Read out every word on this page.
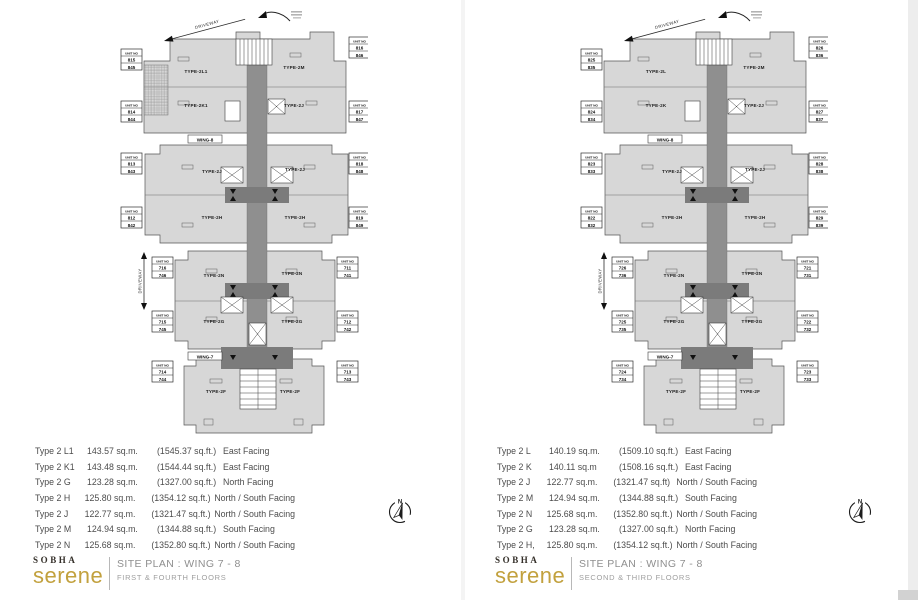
TYPE-2L1
TYPE-2M
TYPE-2K1	TYPE-2J
TYPE-2J	TYPE-2J
TYPE-2H	TYPE-2H
TYPE-2N	TYPE-2N
TYPE-2G	TYPE-2G
TYPE-2F	TYPE-2F
WING-8
WING-7
UNIT NO
815
845
UNIT NO
814
844
UNIT NO
813
843
UNIT NO
812
842
UNIT NO
716
746
UNIT NO
715
745
UNIT NO
714
744
UNIT NO
816
846
UNIT NO
817
847
UNIT NO
818
848
UNIT NO
819
849
UNIT NO
711
741
UNIT NO
712
742
UNIT NO
713
743
DRIVEWAY
DRIVEWAY
TYPE-2L
TYPE-2M
TYPE-2K	TYPE-2J
TYPE-2J	TYPE-2J
TYPE-2H	TYPE-2H
TYPE-2N	TYPE-2N
TYPE-2G	TYPE-2G
TYPE-2F	TYPE-2F
WING-8
WING-7
UNIT NO
825
835
UNIT NO
824
834
UNIT NO
823
833
UNIT NO
822
832
UNIT NO
726
736
UNIT NO
725
735
UNIT NO
724
734
UNIT NO
826
836
UNIT NO
827
837
UNIT NO
828
838
UNIT NO
829
839
UNIT NO
721
731
UNIT NO
722
732
UNIT NO
723
733
DRIVEWAY
DRIVEWAY
Type 2 L1	143.57 sq.m.	(1545.37 sq.ft.) East Facing
Type 2 K1	143.48 sq.m.	(1544.44 sq.ft.) East Facing
Type 2 G	123.28 sq.m.	(1327.00 sq.ft.) North Facing
Type 2 H	125.80 sq.m.	(1354.12 sq.ft.) North / South Facing
Type 2 J	122.77 sq.m.	(1321.47 sq.ft.) North / South Facing
Type 2 M	124.94 sq.m.	(1344.88 sq.ft.) South Facing
Type 2 N	125.68 sq.m.	(1352.80 sq.ft.) North / South Facing
Type 2 L	140.19 sq.m.	(1509.10 sq.ft.) East Facing
Type 2 K	140.11 sq.m	(1508.16 sq.ft.) East Facing
Type 2 J	122.77 sq.m.	(1321.47 sq.ft) North / South Facing
Type 2 M	124.94 sq.m.	(1344.88 sq.ft.) South Facing
Type 2 N	125.68 sq.m.	(1352.80 sq.ft.) North / South Facing
Type 2 G	123.28 sq.m.	(1327.00 sq.ft.) North Facing
Type 2 H,	125.80 sq.m.	(1354.12 sq.ft.) North / South Facing
N	N
SOBHA
serene	SITE PLAN : WING 7 - 8
FIRST & FOURTH FLOORS
SOBHA
serene	SITE PLAN : WING 7 - 8
SECOND & THIRD FLOORS
